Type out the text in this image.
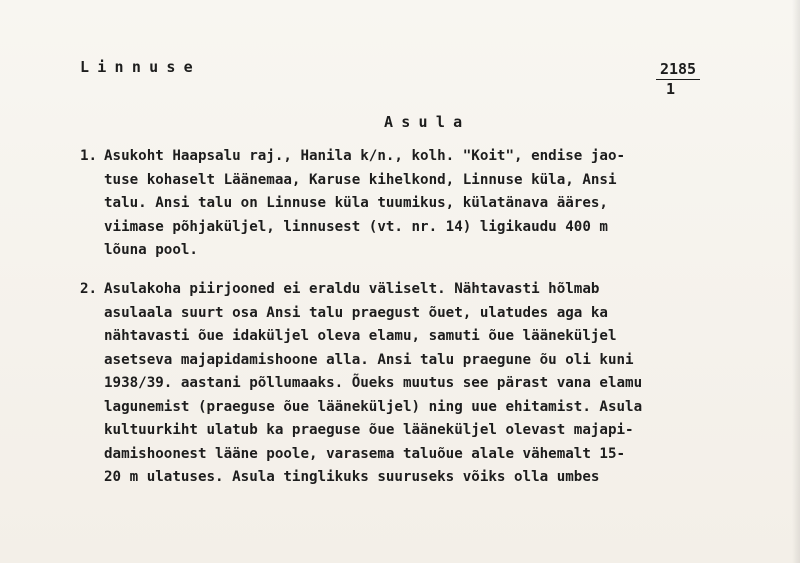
Linnuse	2185
1
Asula
1. Asukoht Haapsalu raj., Hanila k/n., kolh. "Koit", endise jao-
tuse kohaselt Läänemaa, Karuse kihelkond, Linnuse küla, Ansi
talu. Ansi talu on Linnuse küla tuumikus, külatänava ääres,
viimase põhjaküljel, linnusest (vt. nr. 14) ligikaudu 400 m
lõuna pool.
2. Asulakoha piirjooned ei eraldu väliselt. Nähtavasti hõlmab
asulaala suurt osa Ansi talu praegust õuet, ulatudes aga ka
nähtavasti õue idaküljel oleva elamu, samuti õue lääneküljel
asetseva majapidamishoone alla. Ansi talu praegune õu oli kuni
1938/39. aastani põllumaaks. Õueks muutus see pärast vana elamu
lagunemist (praeguse õue lääneküljel) ning uue ehitamist. Asula
kultuurkiht ulatub ka praeguse õue lääneküljel olevast majapi-
damishoonest lääne poole, varasema taluõue alale vähemalt 15-
20 m ulatuses. Asula tinglikuks suuruseks võiks olla umbes
